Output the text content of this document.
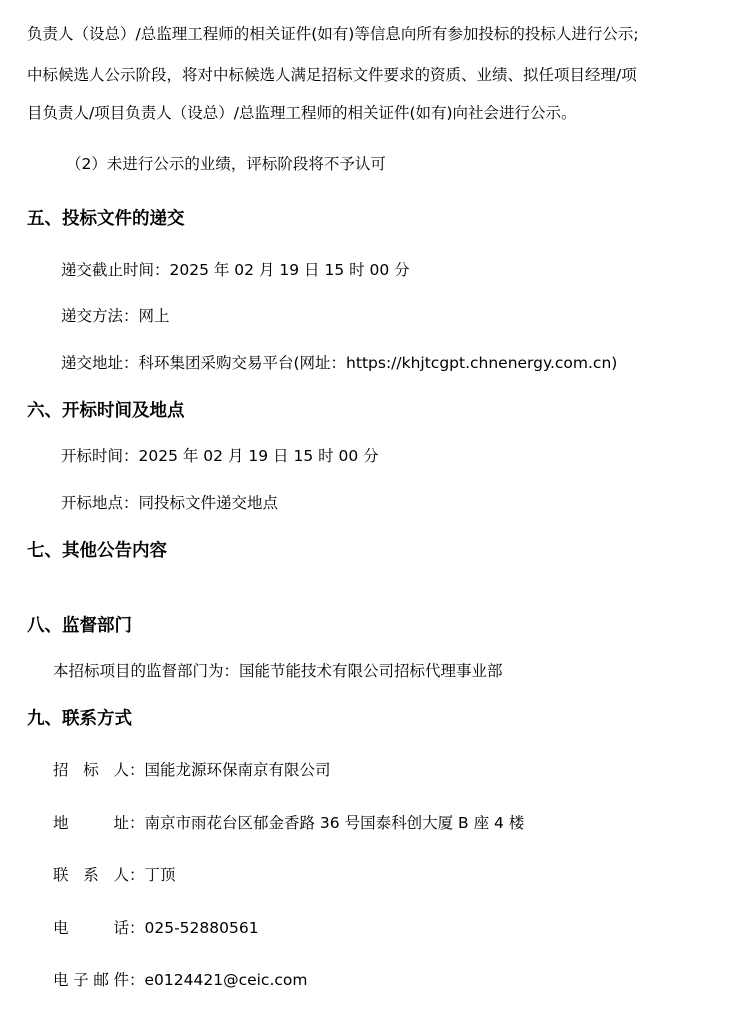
负责人（设总）/总监理工程师的相关证件(如有)等信息向所有参加投标的投标人进行公示;
中标候选人公示阶段，将对中标候选人满足招标文件要求的资质、业绩、拟任项目经理/项
目负责人/项目负责人（设总）/总监理工程师的相关证件(如有)向社会进行公示。
（2）未进行公示的业绩，评标阶段将不予认可
五、投标文件的递交
递交截止时间：2025 年 02 月 19 日 15 时 00 分
递交方法：网上
递交地址：科环集团采购交易平台(网址：https://khjtcgpt.chnenergy.com.cn)
六、开标时间及地点
开标时间：2025 年 02 月 19 日 15 时 00 分
开标地点：同投标文件递交地点
七、其他公告内容
八、监督部门
本招标项目的监督部门为：国能节能技术有限公司招标代理事业部
九、联系方式
招标人：国能龙源环保南京有限公司
地址：南京市雨花台区郁金香路 36 号国泰科创大厦 B 座 4 楼
联系人：丁顶
电话：025-52880561
电子邮件：e0124421@ceic.com
